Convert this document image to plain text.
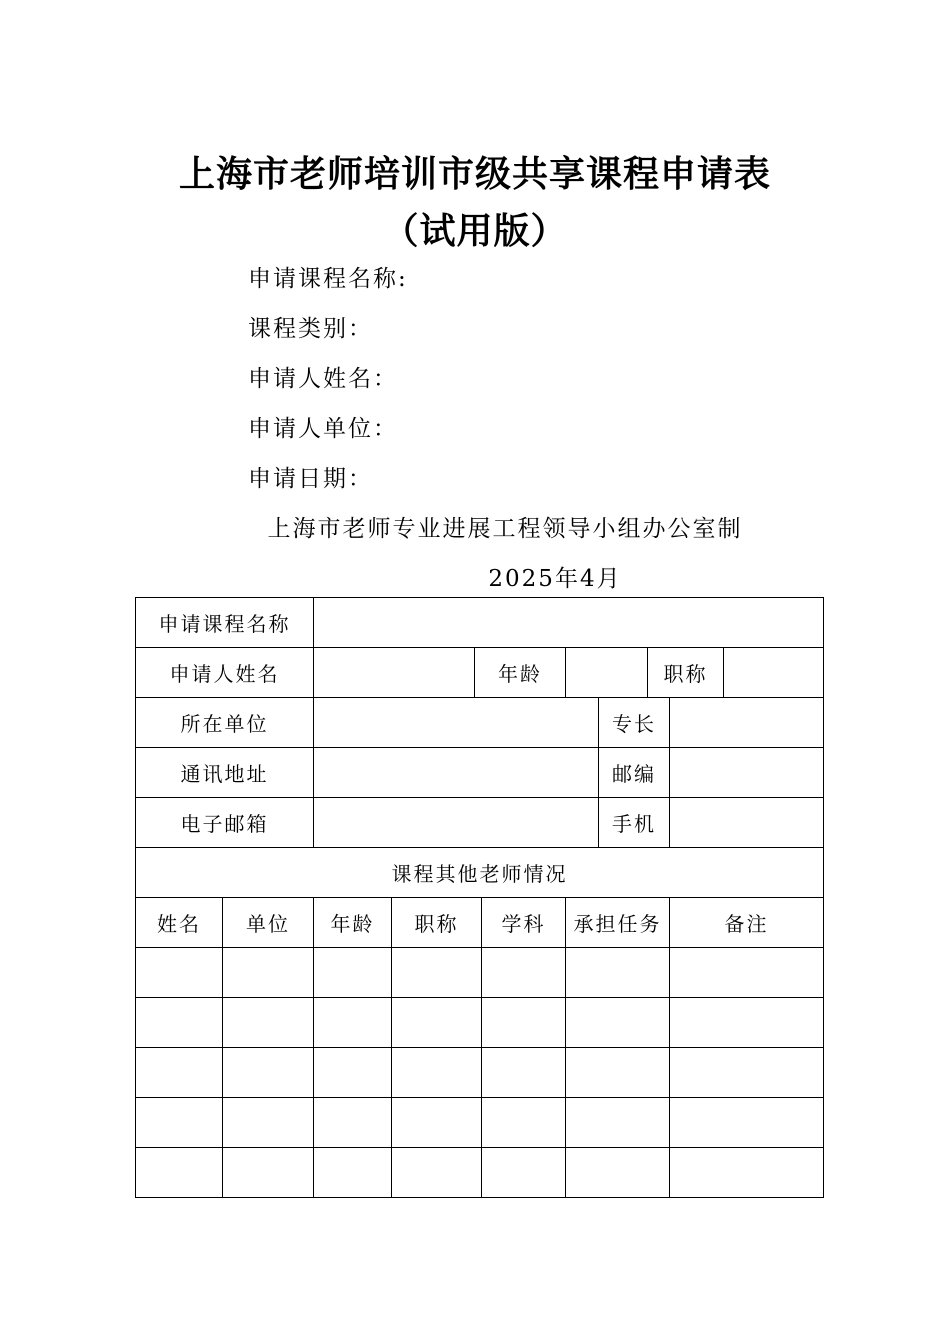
上海市老师培训市级共享课程申请表
（试用版）
申请课程名称:
课程类别：
申请人姓名：
申请人单位：
申请日期：
上海市老师专业进展工程领导小组办公室制
2025年4月
申请课程名称										
申请人姓名				年龄				职称		
所在单位							专长			
通讯地址							邮编			
电子邮箱							手机			
课程其他老师情况										
姓名	单位	年龄	职称		学科	承担任务			备注	
